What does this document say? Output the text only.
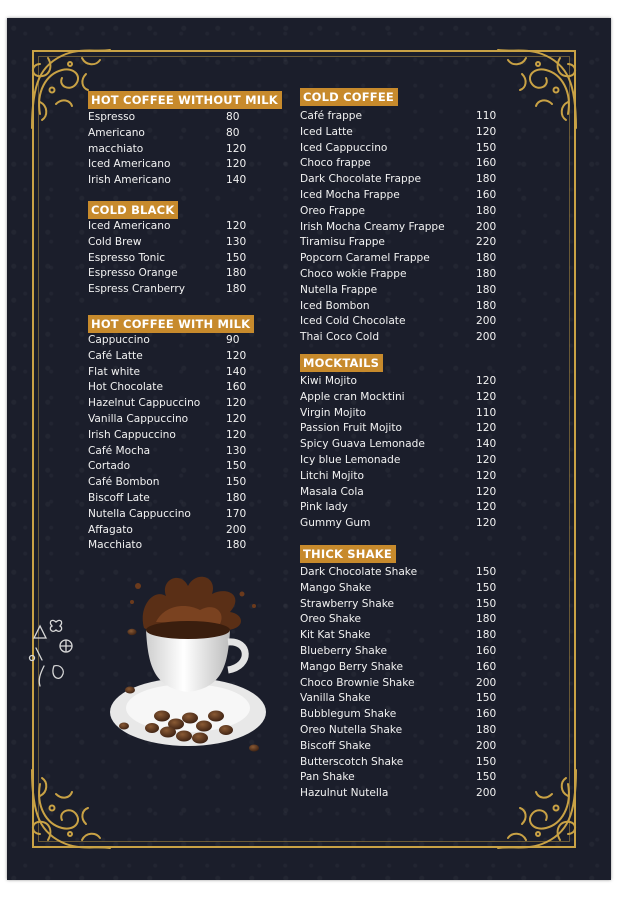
HOT COFFEE WITHOUT MILK
Espresso	80
Americano	80
macchiato	120
Iced Americano	120
Irish Americano	140
COLD BLACK
Iced Americano	120
Cold Brew	130
Espresso Tonic	150
Espresso Orange	180
Espress Cranberry	180
HOT COFFEE WITH MILK
Cappuccino	90
Café Latte	120
Flat white	140
Hot Chocolate	160
Hazelnut Cappuccino 120
Vanilla Cappuccino	120
Irish Cappuccino	120
Café Mocha	130
Cortado	150
Café Bombon	150
Biscoff Late	180
Nutella Cappuccino	170
Affagato	200
Macchiato	180
COLD COFFEE
Café frappe	110
Iced Latte	120
Iced Cappuccino	150
Choco frappe	160
Dark Chocolate Frappe	180
Iced Mocha Frappe	160
Oreo Frappe	180
Irish Mocha Creamy Frappe	200
Tiramisu Frappe	220
Popcorn Caramel Frappe	180
Choco wokie Frappe	180
Nutella Frappe	180
Iced Bombon	180
Iced Cold Chocolate	200
Thai Coco Cold	200
MOCKTAILS
Kiwi Mojito	120
Apple cran Mocktini	120
Virgin Mojito	110
Passion Fruit Mojito	120
Spicy Guava Lemonade	140
Icy blue Lemonade	120
Litchi Mojito	120
Masala Cola	120
Pink lady	120
Gummy Gum	120
THICK SHAKE
Dark Chocolate Shake	150
Mango Shake	150
Strawberry Shake	150
Oreo Shake	180
Kit Kat Shake	180
Blueberry Shake	160
Mango Berry Shake	160
Choco Brownie Shake	200
Vanilla Shake	150
Bubblegum Shake	160
Oreo Nutella Shake	180
Biscoff Shake	200
Butterscotch Shake	150
Pan Shake	150
Hazulnut Nutella	200
